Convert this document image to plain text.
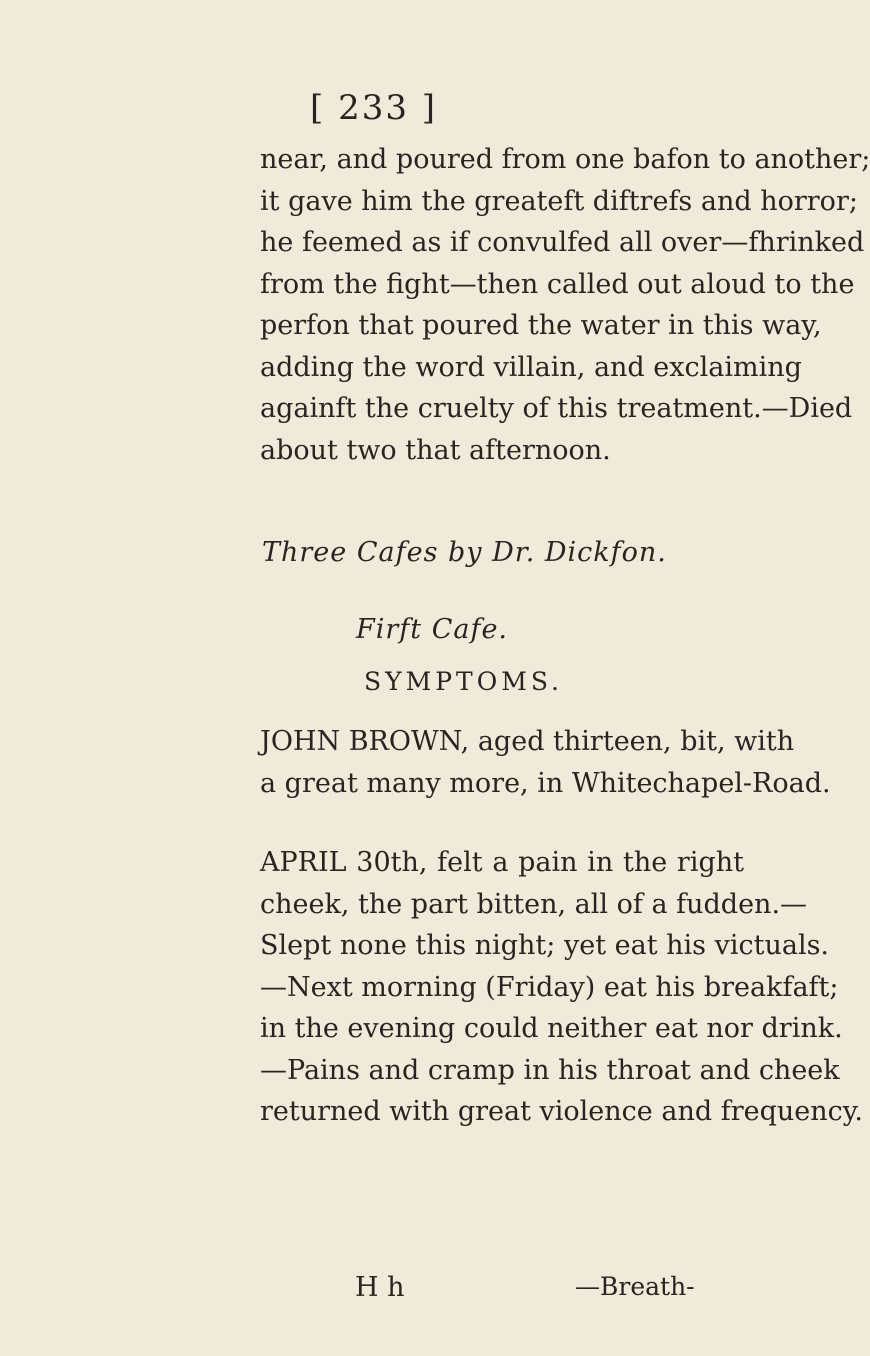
[ 233 ]
near, and poured from one bafon to another;
it gave him the greateft diftrefs and horror;
he feemed as if convulfed all over—fhrinked
from the fight—then called out aloud to the
perfon that poured the water in this way,
adding the word villain, and exclaiming
againft the cruelty of this treatment.—Died
about two that afternoon.
Three Cafes by Dr. Dickfon.
Firft Cafe.
SYMPTOMS.
JOHN BROWN, aged thirteen, bit, with
a great many more, in Whitechapel-Road.
APRIL 30th, felt a pain in the right
cheek, the part bitten, all of a fudden.—
Slept none this night; yet eat his victuals.
—Next morning (Friday) eat his breakfaft;
in the evening could neither eat nor drink.
—Pains and cramp in his throat and cheek
returned with great violence and frequency.
H h	—Breath-
